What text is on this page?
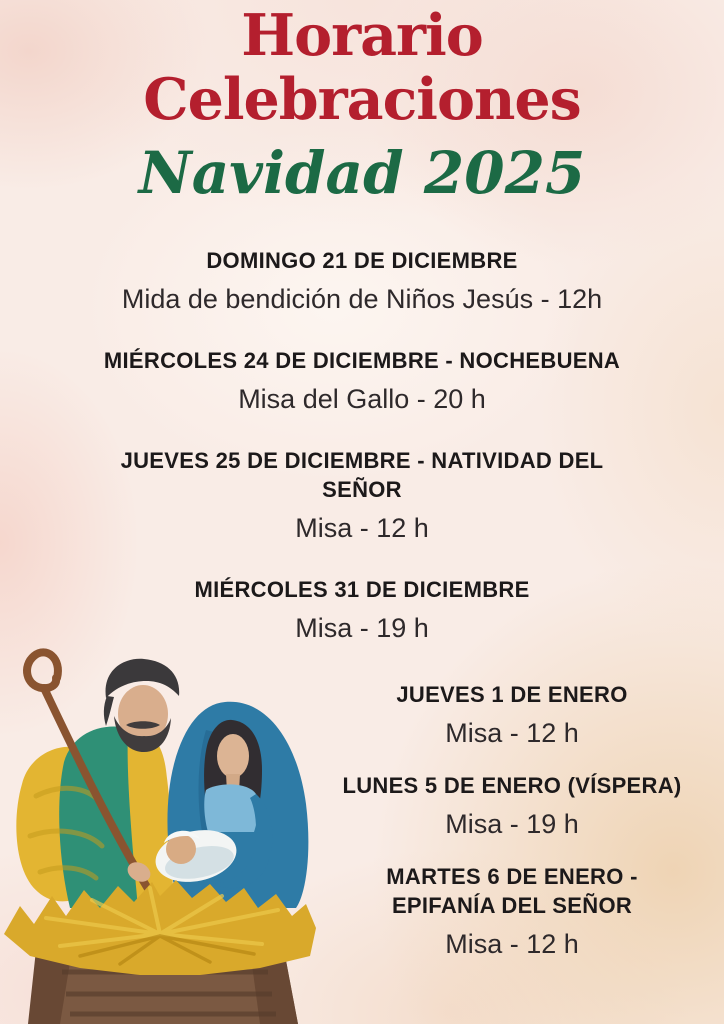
Horario
Celebraciones
Navidad 2025
DOMINGO 21 DE DICIEMBRE
Mida de bendición de Niños Jesús - 12h
MIÉRCOLES 24 DE DICIEMBRE - NOCHEBUENA
Misa del Gallo - 20 h
JUEVES 25 DE DICIEMBRE - NATIVIDAD DEL SEÑOR
Misa - 12 h
MIÉRCOLES 31 DE DICIEMBRE
Misa - 19 h
JUEVES 1 DE ENERO
Misa - 12 h
LUNES 5 DE ENERO (VÍSPERA)
Misa - 19 h
MARTES 6 DE ENERO - EPIFANÍA DEL SEÑOR
Misa - 12 h
